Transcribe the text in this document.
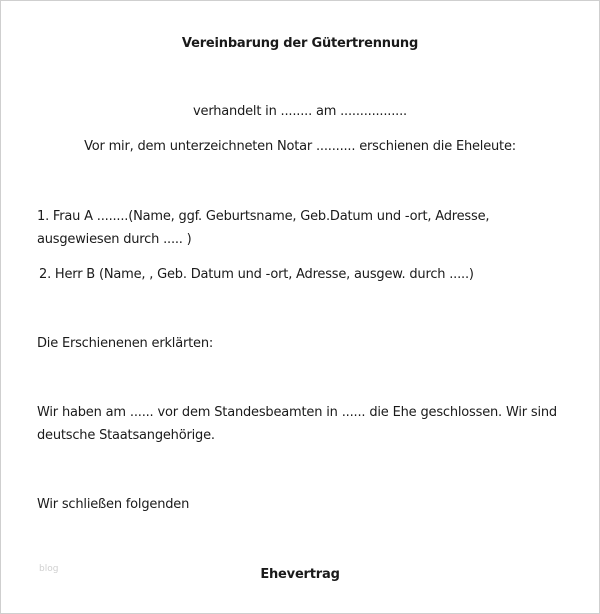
Vereinbarung der Gütertrennung
verhandelt in ........ am .................
Vor mir, dem unterzeichneten Notar .......... erschienen die Eheleute:
1. Frau A ........(Name, ggf. Geburtsname, Geb.Datum und -ort, Adresse, ausgewiesen durch ..... )
2. Herr B (Name, , Geb. Datum und -ort, Adresse, ausgew. durch .....)
Die Erschienenen erklärten:
Wir haben am ...... vor dem Standesbeamten in ...... die Ehe geschlossen. Wir sind deutsche Staatsangehörige.
Wir schließen folgenden
blog	Ehevertrag
